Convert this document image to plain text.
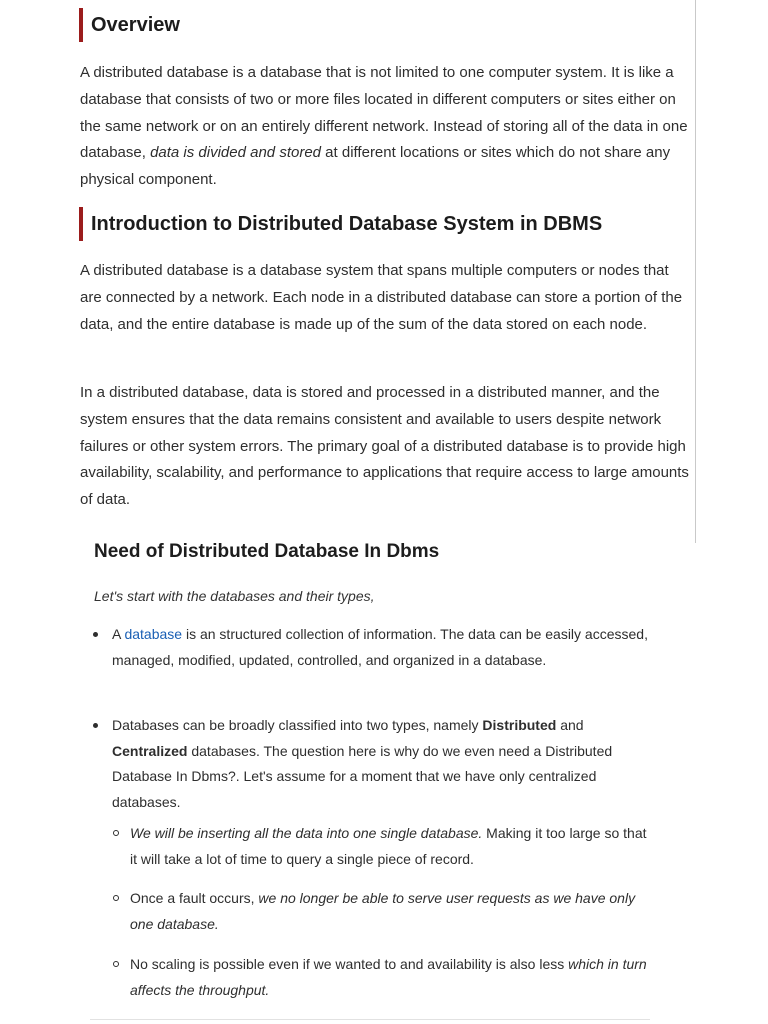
Overview

A distributed database is a database that is not limited to one computer system. It is like a database that consists of two or more files located in different computers or sites either on the same network or on an entirely different network. Instead of storing all of the data in one database, data is divided and stored at different locations or sites which do not share any physical component.

Introduction to Distributed Database System in DBMS

A distributed database is a database system that spans multiple computers or nodes that are connected by a network. Each node in a distributed database can store a portion of the data, and the entire database is made up of the sum of the data stored on each node.

In a distributed database, data is stored and processed in a distributed manner, and the system ensures that the data remains consistent and available to users despite network failures or other system errors. The primary goal of a distributed database is to provide high availability, scalability, and performance to applications that require access to large amounts of data.

Need of Distributed Database In Dbms

Let's start with the databases and their types,

A database is an structured collection of information. The data can be easily accessed, managed, modified, updated, controlled, and organized in a database.

Databases can be broadly classified into two types, namely Distributed and Centralized databases. The question here is why do we even need a Distributed Database In Dbms?. Let's assume for a moment that we have only centralized databases.

We will be inserting all the data into one single database. Making it too large so that it will take a lot of time to query a single piece of record.

Once a fault occurs, we no longer be able to serve user requests as we have only one database.

No scaling is possible even if we wanted to and availability is also less which in turn affects the throughput.
